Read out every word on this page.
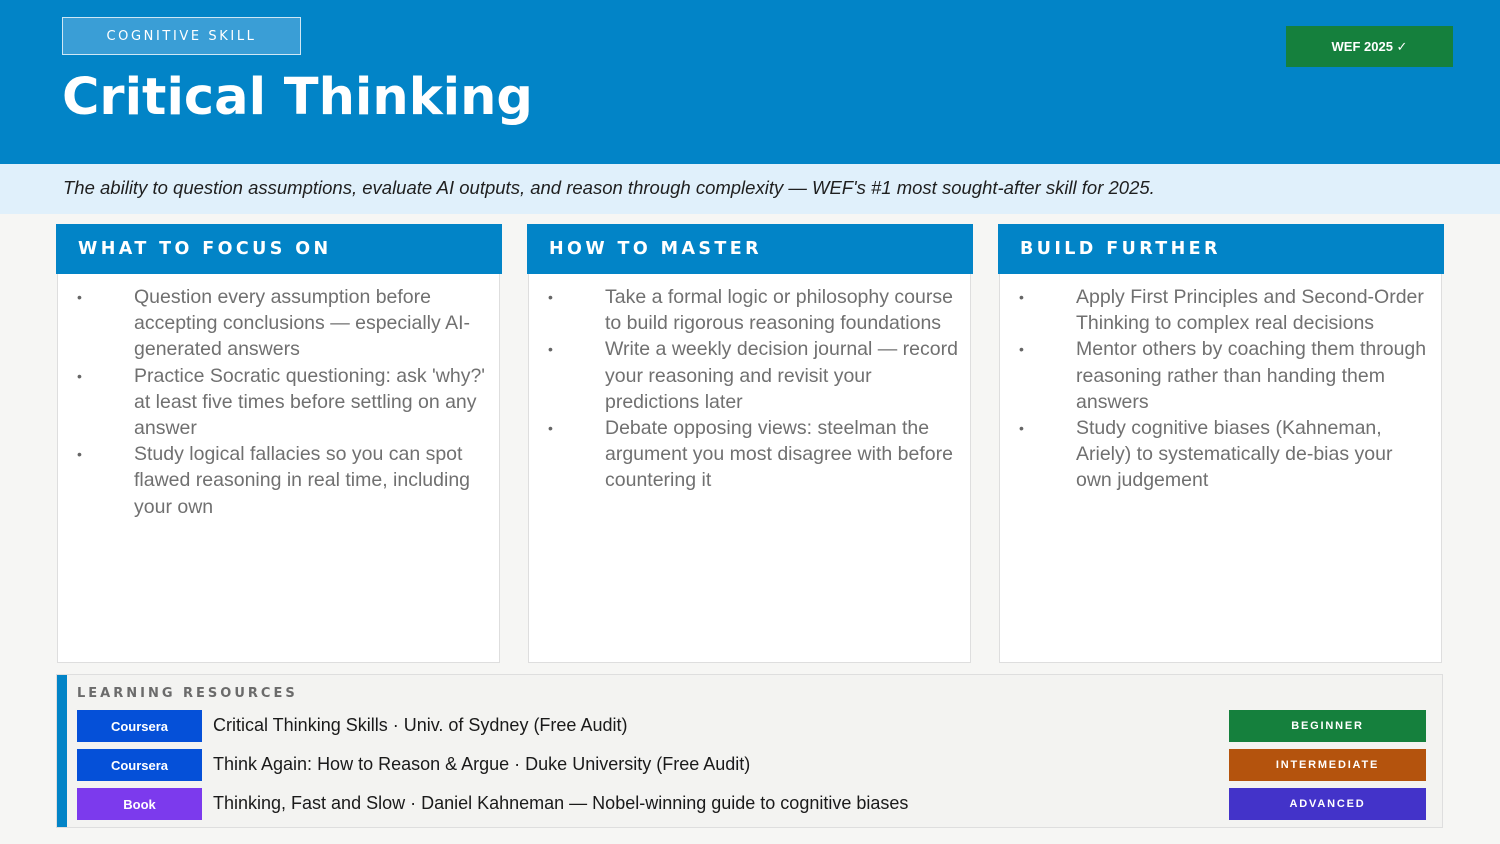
COGNITIVE SKILL
Critical Thinking
WEF 2025 ✓
The ability to question assumptions, evaluate AI outputs, and reason through complexity — WEF's #1 most sought-after skill for 2025.
WHAT TO FOCUS ON
•	Question every assumption before accepting conclusions — especially AI-generated answers
•	Practice Socratic questioning: ask 'why?' at least five times before settling on any answer
•	Study logical fallacies so you can spot flawed reasoning in real time, including your own
HOW TO MASTER
•	Take a formal logic or philosophy course to build rigorous reasoning foundations
•	Write a weekly decision journal — record your reasoning and revisit your predictions later
•	Debate opposing views: steelman the argument you most disagree with before countering it
BUILD FURTHER
•	Apply First Principles and Second-Order Thinking to complex real decisions
•	Mentor others by coaching them through reasoning rather than handing them answers
•	Study cognitive biases (Kahneman, Ariely) to systematically de-bias your own judgement
LEARNING RESOURCES
Coursera	Critical Thinking Skills · Univ. of Sydney (Free Audit)	BEGINNER
Coursera	Think Again: How to Reason & Argue · Duke University (Free Audit)	INTERMEDIATE
Book	Thinking, Fast and Slow · Daniel Kahneman — Nobel-winning guide to cognitive biases	ADVANCED
